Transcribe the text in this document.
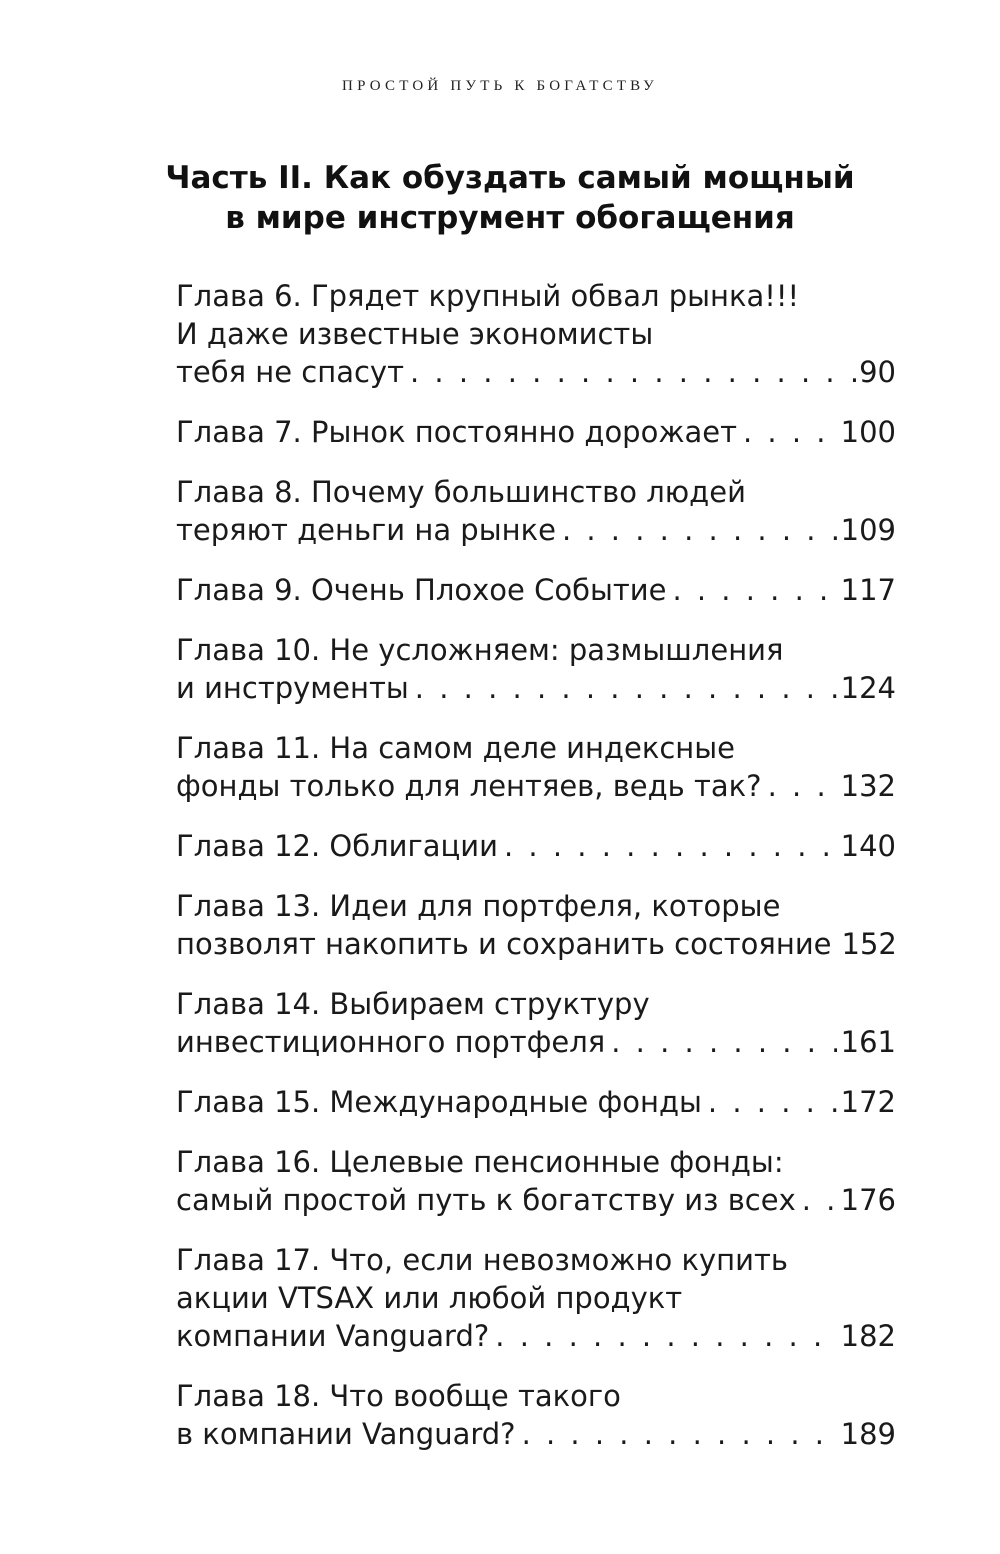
ПРОСТОЙ ПУТЬ К БОГАТСТВУ
Часть II. Как обуздать самый мощный
в мире инструмент обогащения
Глава 6. Грядет крупный обвал рынка!!!
И даже известные экономисты
тебя не спасут . . .	.90
Глава 7. Рынок постоянно дорожает . . .	100
Глава 8. Почему большинство людей
теряют деньги на рынке . . .	109
Глава 9. Очень Плохое Событие . . .	117
Глава 10. Не усложняем: размышления
и инструменты . . .	124
Глава 11. На самом деле индексные
фонды только для лентяев, ведь так? . . .	132
Глава 12. Облигации . . .	140
Глава 13. Идеи для портфеля, которые
позволят накопить и сохранить состояние 152
Глава 14. Выбираем структуру
инвестиционного портфеля . . .	161
Глава 15. Международные фонды . . .	172
Глава 16. Целевые пенсионные фонды:
самый простой путь к богатству из всех . . . 176
Глава 17. Что, если невозможно купить
акции VTSAX или любой продукт
компании Vanguard? . . .	182
Глава 18. Что вообще такого
в компании Vanguard? . . .	189
